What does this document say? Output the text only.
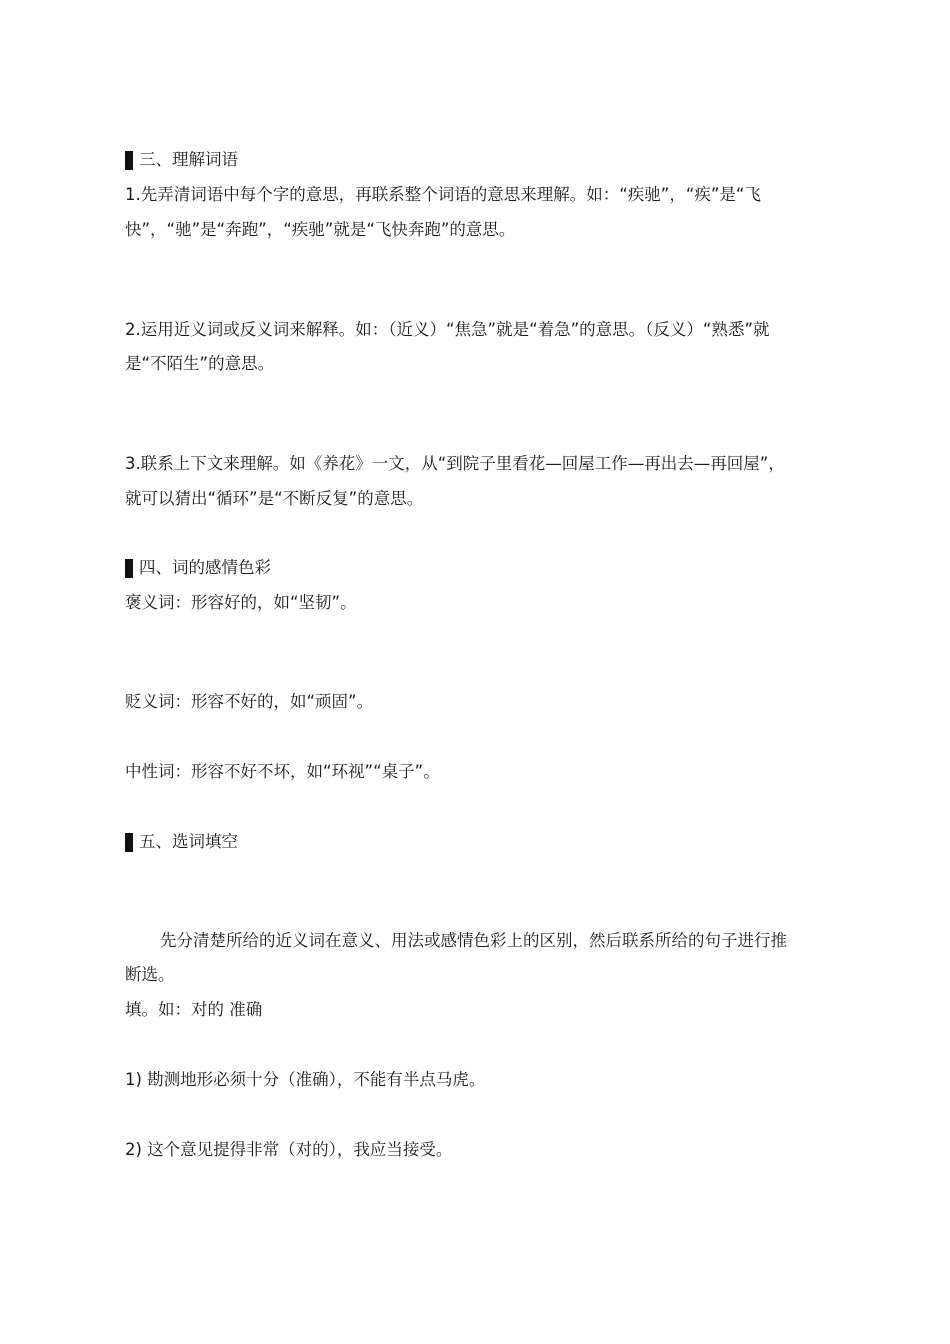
三、理解词语
1.先弄清词语中每个字的意思，再联系整个词语的意思来理解。如：“疾驰”，“疾”是“飞
快”，“驰”是“奔跑”，“疾驰”就是“飞快奔跑”的意思。
2.运用近义词或反义词来解释。如：（近义）“焦急”就是“着急”的意思。（反义）“熟悉”就
是“不陌生”的意思。
3.联系上下文来理解。如《养花》一文，从“到院子里看花—回屋工作—再出去—再回屋”，
就可以猜出“循环”是“不断反复”的意思。
四、词的感情色彩
褒义词：形容好的，如“坚韧”。
贬义词：形容不好的，如“顽固”。
中性词：形容不好不坏，如“环视”“桌子”。
五、选词填空
先分清楚所给的近义词在意义、用法或感情色彩上的区别，然后联系所给的句子进行推
断选。
填。如：对的 准确
1) 勘测地形必须十分（准确），不能有半点马虎。
2) 这个意见提得非常（对的），我应当接受。
